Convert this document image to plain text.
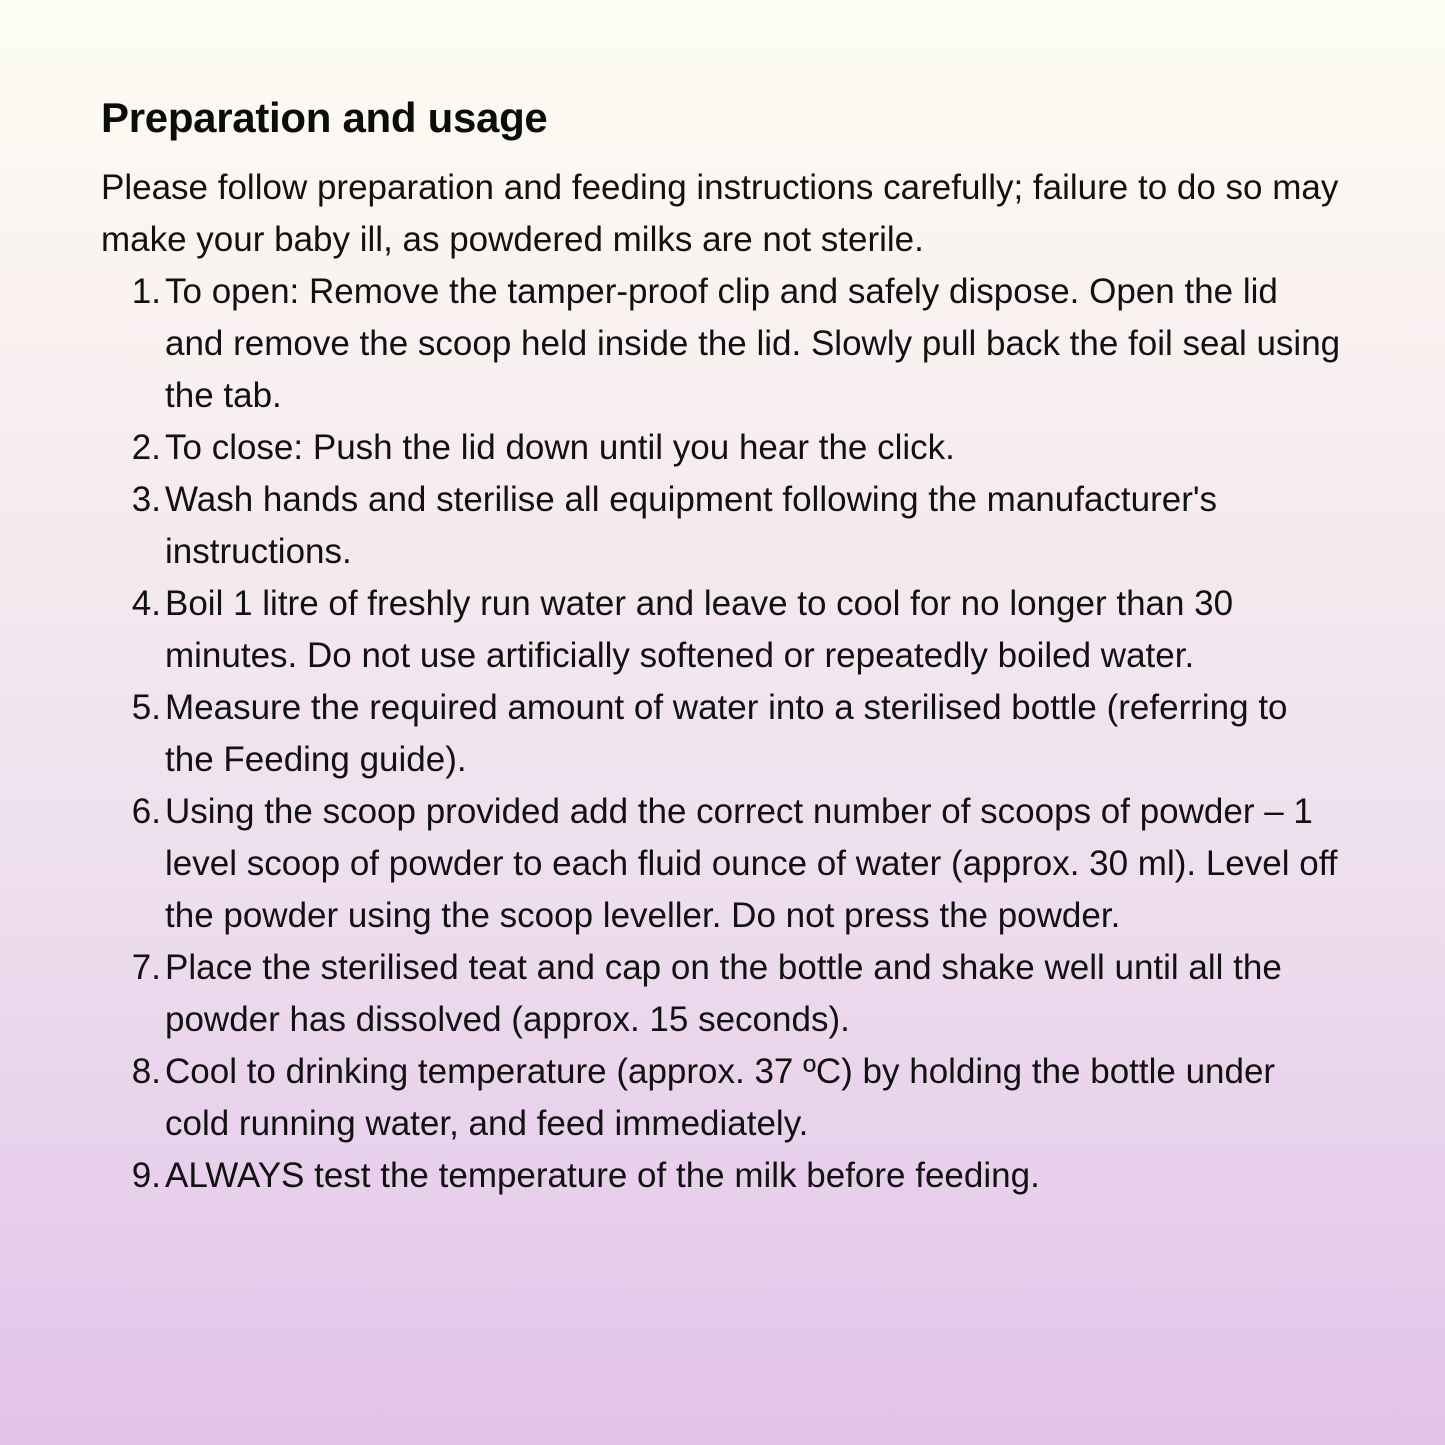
Preparation and usage

Please follow preparation and feeding instructions carefully; failure to do so may make your baby ill, as powdered milks are not sterile.

1. To open: Remove the tamper-proof clip and safely dispose. Open the lid and remove the scoop held inside the lid. Slowly pull back the foil seal using the tab.
2. To close: Push the lid down until you hear the click.
3. Wash hands and sterilise all equipment following the manufacturer's instructions.
4. Boil 1 litre of freshly run water and leave to cool for no longer than 30 minutes. Do not use artificially softened or repeatedly boiled water.
5. Measure the required amount of water into a sterilised bottle (referring to the Feeding guide).
6. Using the scoop provided add the correct number of scoops of powder – 1 level scoop of powder to each fluid ounce of water (approx. 30 ml). Level off the powder using the scoop leveller. Do not press the powder.
7. Place the sterilised teat and cap on the bottle and shake well until all the powder has dissolved (approx. 15 seconds).
8. Cool to drinking temperature (approx. 37 ºC) by holding the bottle under cold running water, and feed immediately.
9. ALWAYS test the temperature of the milk before feeding.
